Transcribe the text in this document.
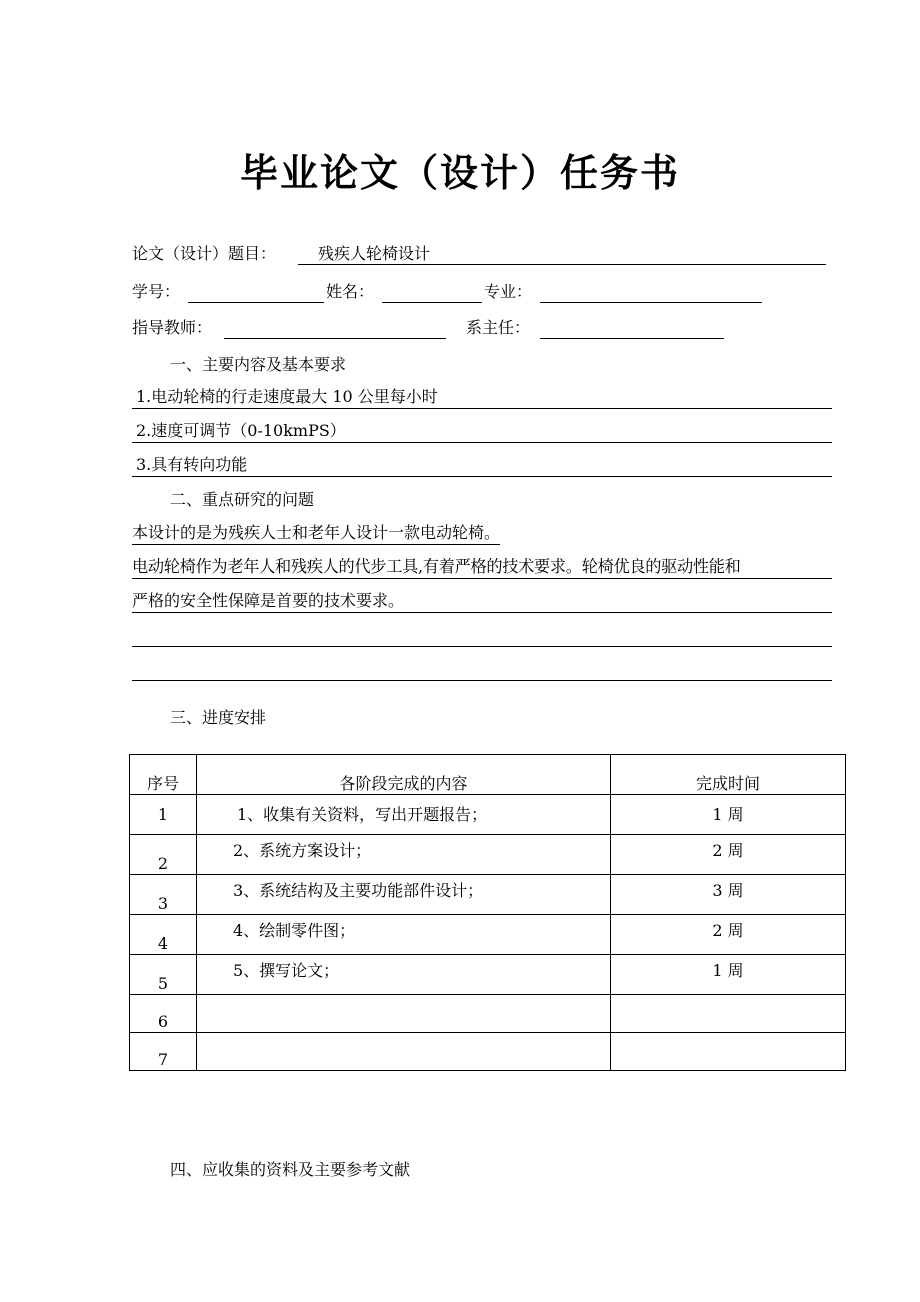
毕业论文（设计）任务书
论文（设计）题目：	残疾人轮椅设计
学号：	姓名：	专业：
指导教师：	系主任：
一、主要内容及基本要求
1.电动轮椅的行走速度最大 10 公里每小时
2.速度可调节（0-10kmPS）
3.具有转向功能
二、重点研究的问题
本设计的是为残疾人士和老年人设计一款电动轮椅。
电动轮椅作为老年人和残疾人的代步工具,有着严格的技术要求。轮椅优良的驱动性能和
严格的安全性保障是首要的技术要求。
三、进度安排
序号	各阶段完成的内容	完成时间
1	1、收集有关资料，写出开题报告；	1 周
2	2、系统方案设计；	2 周
3	3、系统结构及主要功能部件设计；	3 周
4	4、绘制零件图；	2 周
5	5、撰写论文；	1 周
6		
7		
四、应收集的资料及主要参考文献
